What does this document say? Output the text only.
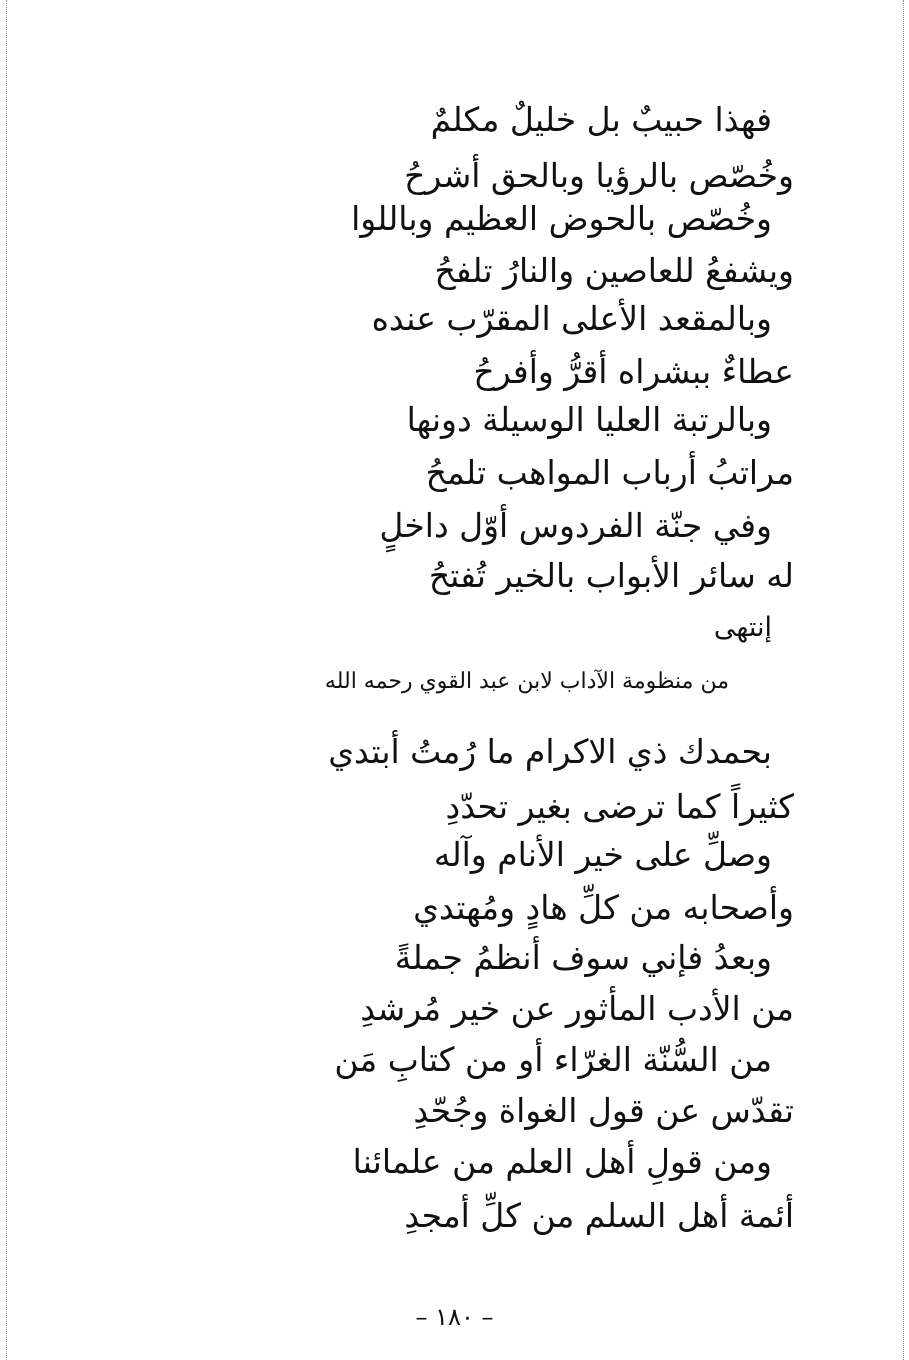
فهذا حبيبٌ بل خليلٌ مكلمٌ
وخُصّص بالرؤيا وبالحق أشرحُ
وخُصّص بالحوض العظيم وباللوا
ويشفعُ للعاصين والنارُ تلفحُ
وبالمقعد الأعلى المقرّب عنده
عطاءٌ ببشراه أقرُّ وأفرحُ
وبالرتبة العليا الوسيلة دونها
مراتبُ أرباب المواهب تلمحُ
وفي جنّة الفردوس أوّل داخلٍ
له سائر الأبواب بالخير تُفتحُ
إنتهى
من منظومة الآداب لابن عبد القوي رحمه الله
بحمدك ذي الاكرام ما رُمتُ أبتدي
كثيراً كما ترضى بغير تحدّدِ
وصلِّ على خير الأنام وآله
وأصحابه من كلِّ هادٍ ومُهتدي
وبعدُ فإني سوف أنظمُ جملةً
من الأدب المأثور عن خير مُرشدِ
من السُّنّة الغرّاء أو من كتابِ مَن
تقدّس عن قول الغواة وجُحّدِ
ومن قولِ أهل العلم من علمائنا
أئمة أهل السلم من كلِّ أمجدِ
– ١٨٠ –
